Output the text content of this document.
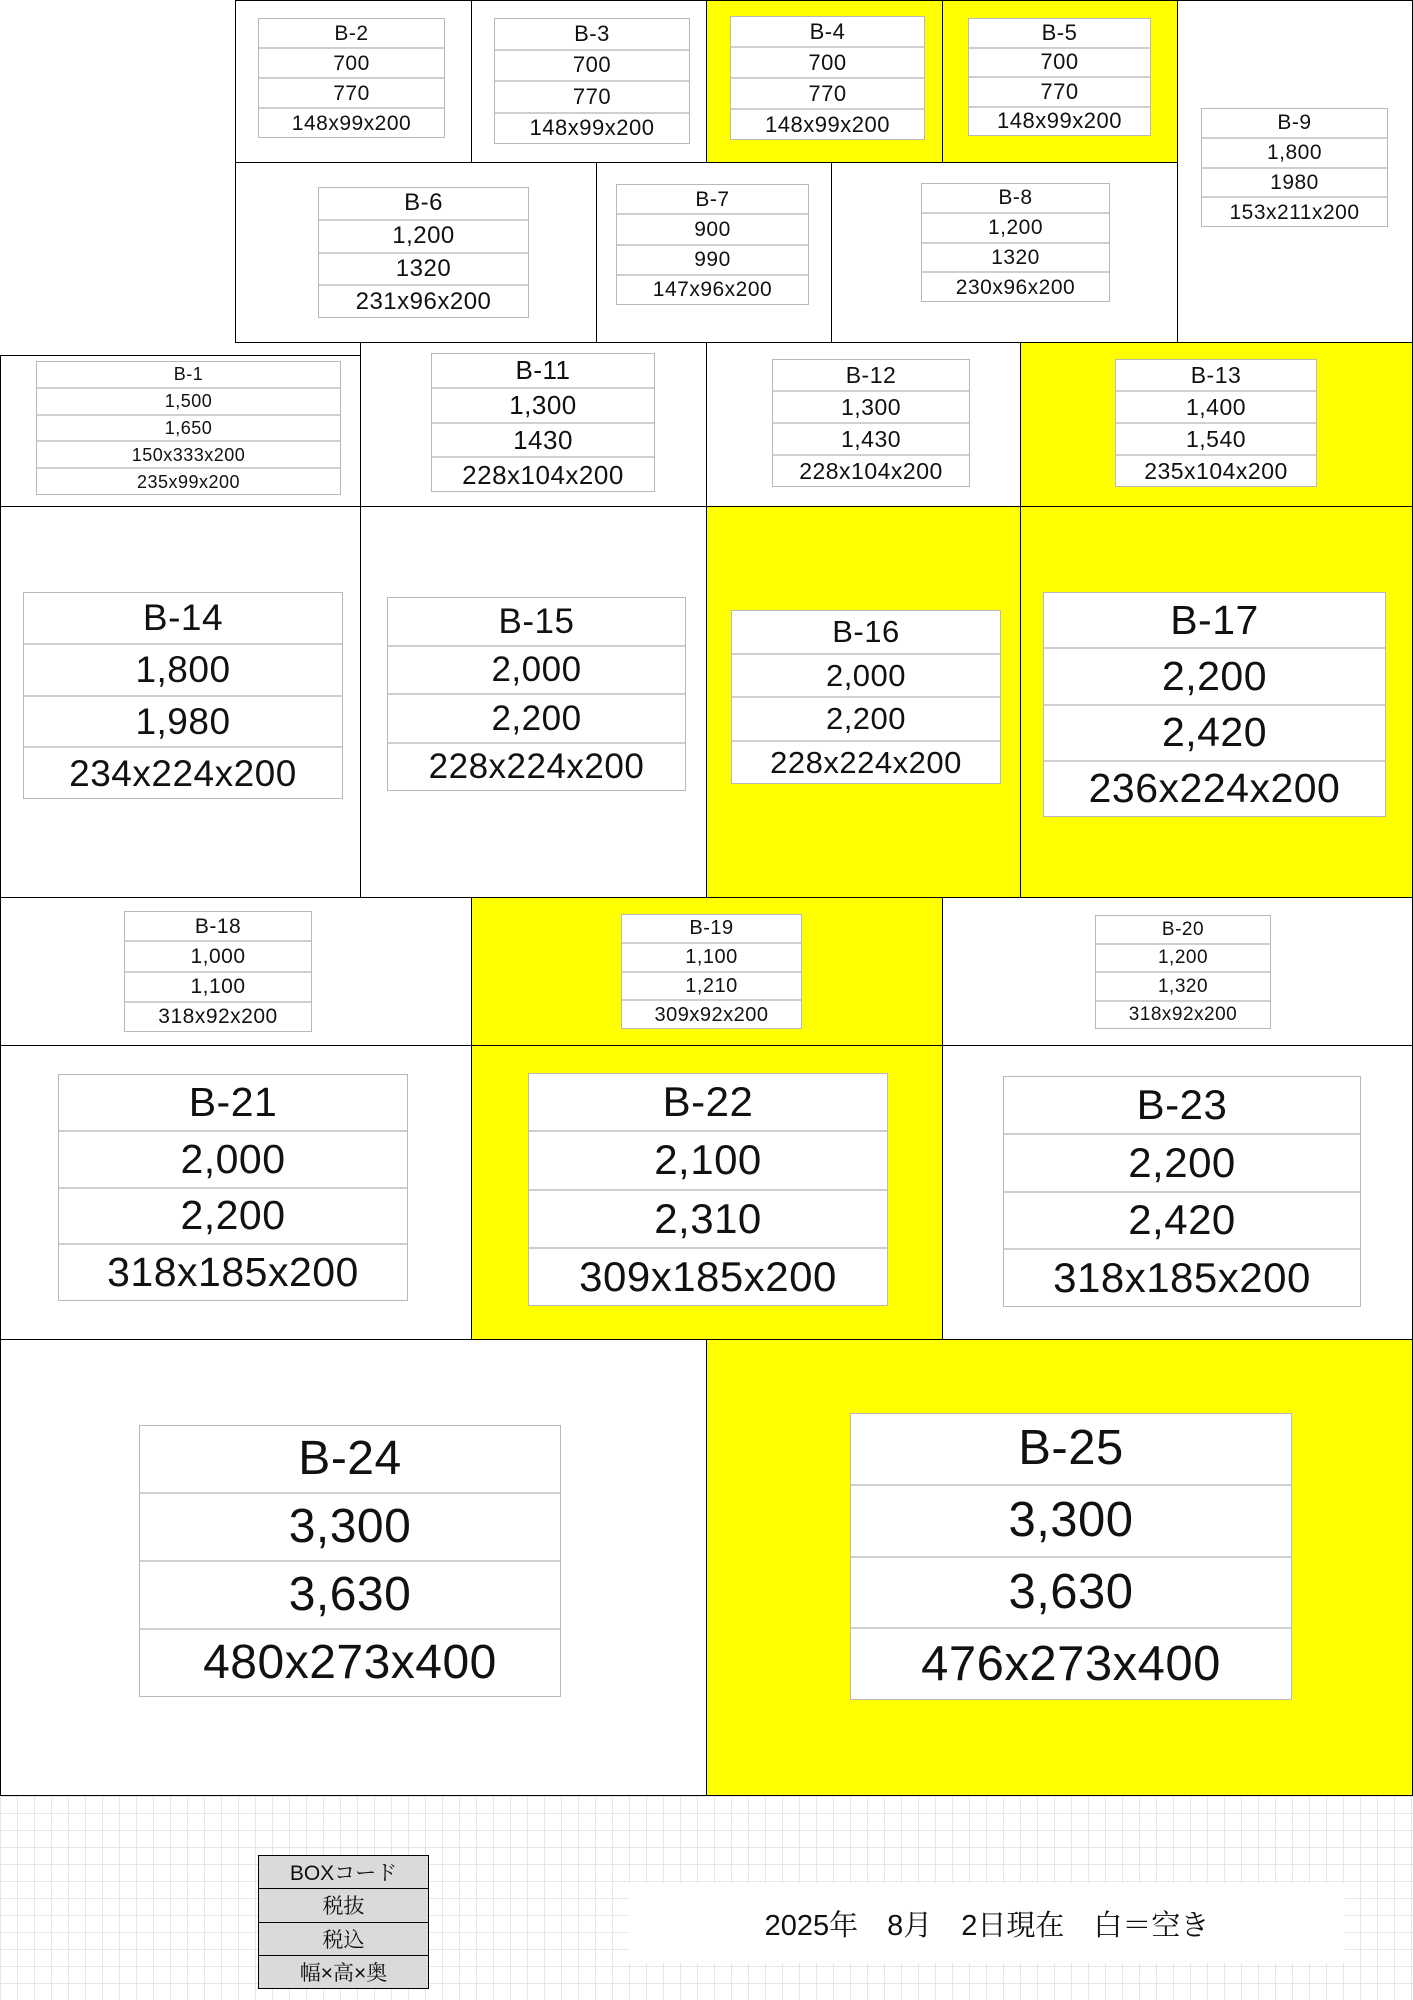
B-1
1,500
1,650
150x333x200
235x99x200
B-2
700
770
148x99x200
B-3
700
770
148x99x200
B-4
700
770
148x99x200
B-5
700
770
148x99x200
B-6
1,200
1320
231x96x200
B-7
900
990
147x96x200
B-8
1,200
1320
230x96x200
B-9
1,800
1980
153x211x200
B-11
1,300
1430
228x104x200
B-12
1,300
1,430
228x104x200
B-13
1,400
1,540
235x104x200
B-14
1,800
1,980
234x224x200
B-15
2,000
2,200
228x224x200
B-16
2,000
2,200
228x224x200
B-17
2,200
2,420
236x224x200
B-18
1,000
1,100
318x92x200
B-19
1,100
1,210
309x92x200
B-20
1,200
1,320
318x92x200
B-21
2,000
2,200
318x185x200
B-22
2,100
2,310
309x185x200
B-23
2,200
2,420
318x185x200
B-24
3,300
3,630
480x273x400
B-25
3,300
3,630
476x273x400
BOXコード
税抜
税込
幅×高×奥
2025年　8月　2日現在　白＝空き
